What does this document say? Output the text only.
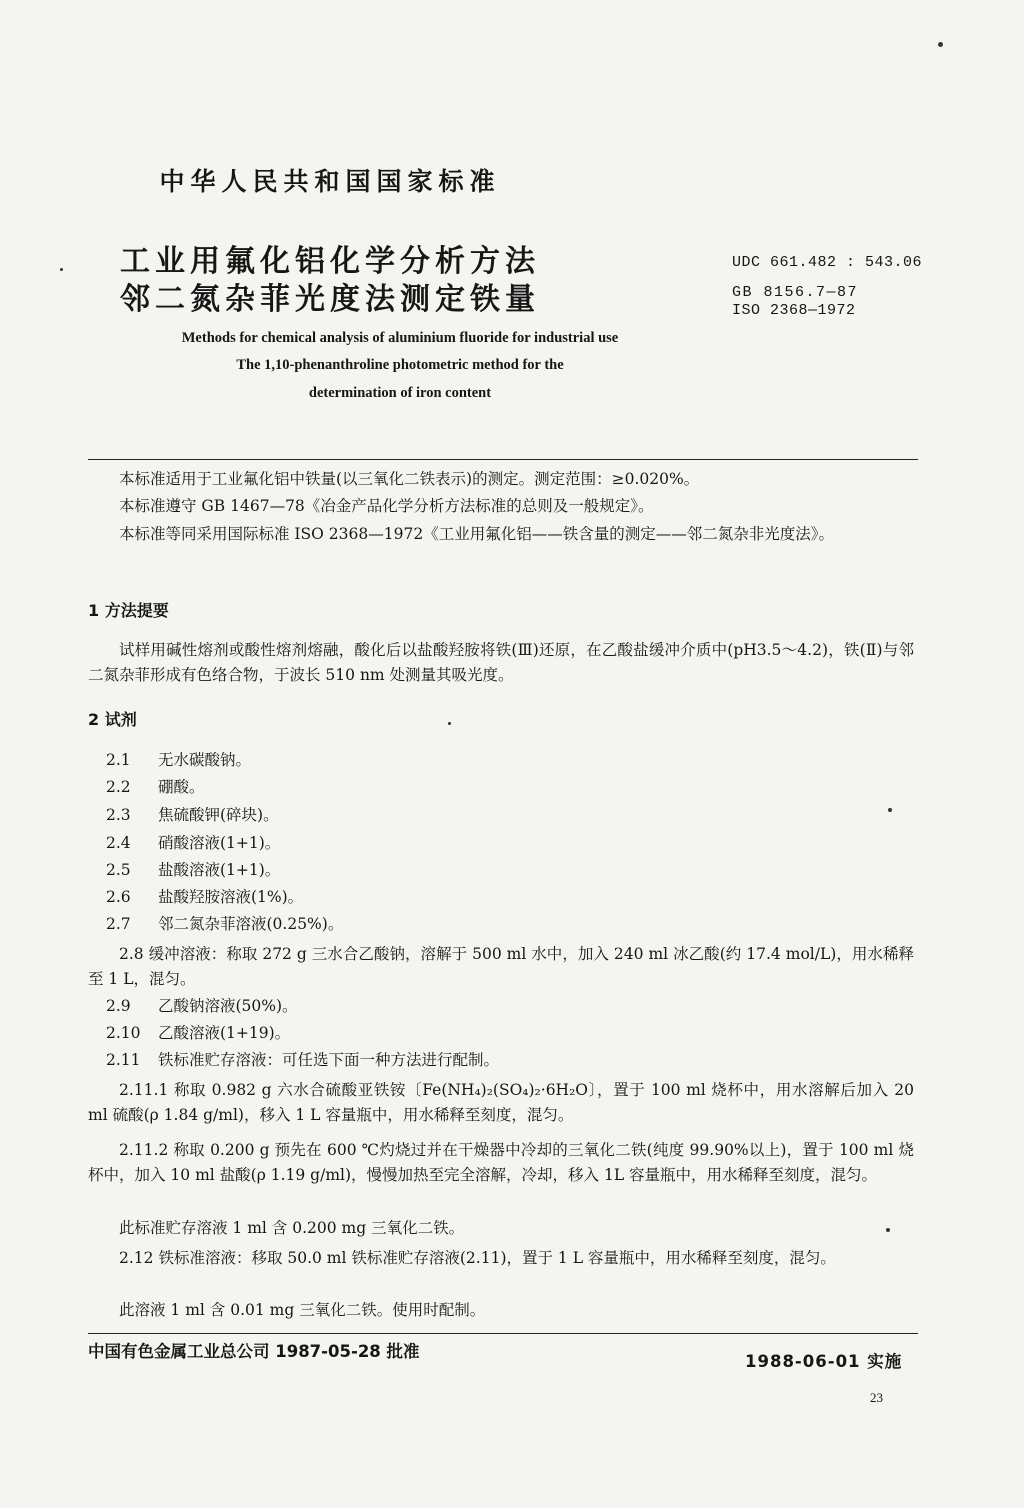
中华人民共和国国家标准
工业用氟化铝化学分析方法
邻二氮杂菲光度法测定铁量
UDC 661.482 : 543.06
GB 8156.7—87
ISO 2368—1972
Methods for chemical analysis of aluminium fluoride for industrial use
The 1,10-phenanthroline photometric method for the
determination of iron content
本标准适用于工业氟化铝中铁量(以三氧化二铁表示)的测定。测定范围：≥0.020%。
本标准遵守 GB 1467—78《冶金产品化学分析方法标准的总则及一般规定》。
本标准等同采用国际标准 ISO 2368—1972《工业用氟化铝——铁含量的测定——邻二氮杂非光度法》。
1 方法提要
试样用碱性熔剂或酸性熔剂熔融，酸化后以盐酸羟胺将铁(Ⅲ)还原，在乙酸盐缓冲介质中(pH3.5～4.2)，铁(Ⅱ)与邻二氮杂菲形成有色络合物，于波长 510 nm 处测量其吸光度。
2 试剂
2.1 无水碳酸钠。
2.2 硼酸。
2.3 焦硫酸钾(碎块)。
2.4 硝酸溶液(1+1)。
2.5 盐酸溶液(1+1)。
2.6 盐酸羟胺溶液(1%)。
2.7 邻二氮杂菲溶液(0.25%)。
2.8 缓冲溶液：称取 272 g 三水合乙酸钠，溶解于 500 ml 水中，加入 240 ml 冰乙酸(约 17.4 mol/L)，用水稀释至 1 L，混匀。
2.9 乙酸钠溶液(50%)。
2.10 乙酸溶液(1+19)。
2.11 铁标准贮存溶液：可任选下面一种方法进行配制。
2.11.1 称取 0.982 g 六水合硫酸亚铁铵〔Fe(NH₄)₂(SO₄)₂·6H₂O〕，置于 100 ml 烧杯中，用水溶解后加入 20 ml 硫酸(ρ 1.84 g/ml)，移入 1 L 容量瓶中，用水稀释至刻度，混匀。
2.11.2 称取 0.200 g 预先在 600 ℃灼烧过并在干燥器中冷却的三氧化二铁(纯度 99.90%以上)，置于 100 ml 烧杯中，加入 10 ml 盐酸(ρ 1.19 g/ml)，慢慢加热至完全溶解，冷却，移入 1L 容量瓶中，用水稀释至刻度，混匀。
此标准贮存溶液 1 ml 含 0.200 mg 三氧化二铁。
2.12 铁标准溶液：移取 50.0 ml 铁标准贮存溶液(2.11)，置于 1 L 容量瓶中，用水稀释至刻度，混匀。
此溶液 1 ml 含 0.01 mg 三氧化二铁。使用时配制。
中国有色金属工业总公司 1987-05-28 批准
1988-06-01 实施
23
